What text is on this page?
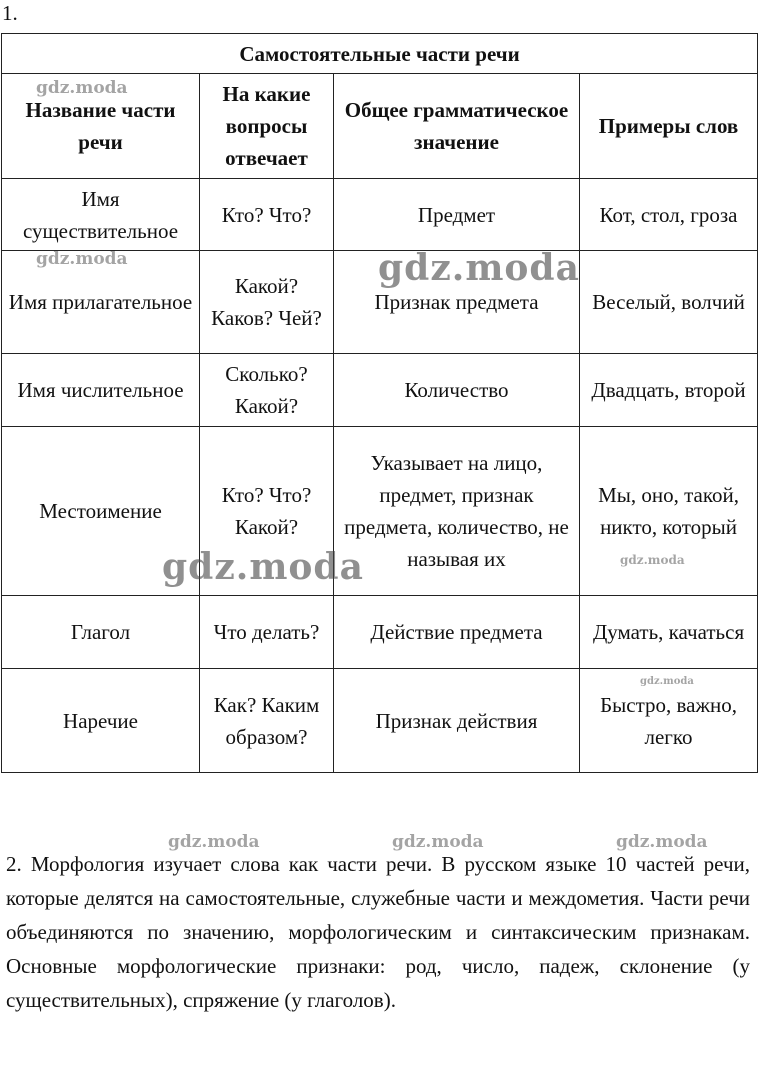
1.
Самостоятельные части речи			
Название части речи	На какие вопросы отвечает	Общее грамматическое значение	Примеры слов
Имя существительное	Кто? Что?	Предмет	Кот, стол, гроза
Имя прилагательное	Какой? Каков? Чей?	Признак предмета	Веселый, волчий
Имя числительное	Сколько? Какой?	Количество	Двадцать, второй
Местоимение	Кто? Что? Какой?	Указывает на лицо, предмет, признак предмета, количество, не называя их	Мы, оно, такой, никто, который
Глагол	Что делать?	Действие предмета	Думать, качаться
Наречие	Как? Каким образом?	Признак действия	Быстро, важно, легко
2. Морфология изучает слова как части речи. В русском языке 10 частей речи, которые делятся на самостоятельные, служебные части и междометия. Части речи объединяются по значению, морфологическим и синтаксическим признакам. Основные морфологические признаки: род, число, падеж, склонение (у существительных), спряжение (у глаголов).
gdz.moda
gdz.moda	gdz.moda
gdz.moda	gdz.moda
gdz.moda
gdz.moda	gdz.moda	gdz.moda
